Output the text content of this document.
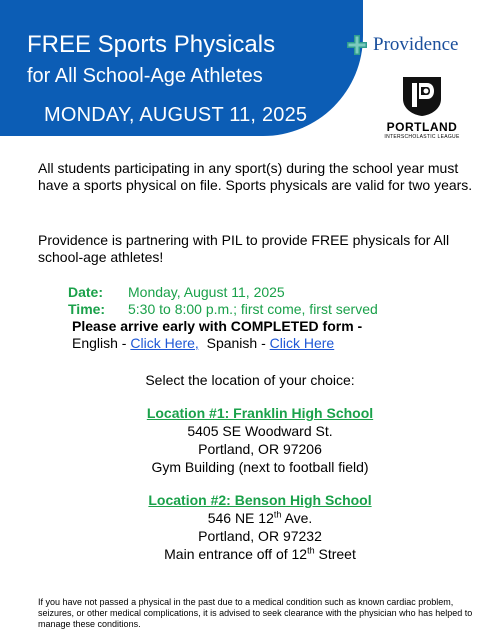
FREE Sports Physicals
for All School-Age Athletes
MONDAY, AUGUST 11, 2025
Providence
PORTLAND
INTERSCHOLASTIC LEAGUE

All students participating in any sport(s) during the school year must have a sports physical on file. Sports physicals are valid for two years.

Providence is partnering with PIL to provide FREE physicals for All school-age athletes!

Date: Monday, August 11, 2025
Time: 5:30 to 8:00 p.m.; first come, first served
Please arrive early with COMPLETED form -
English - Click Here, Spanish - Click Here
Select the location of your choice:
Location #1: Franklin High School
5405 SE Woodward St.
Portland, OR 97206
Gym Building (next to football field)
Location #2: Benson High School
546 NE 12th Ave.
Portland, OR 97232
Main entrance off of 12th Street

If you have not passed a physical in the past due to a medical condition such as known cardiac problem, seizures, or other medical complications, it is advised to seek clearance with the physician who has helped to manage these conditions.
